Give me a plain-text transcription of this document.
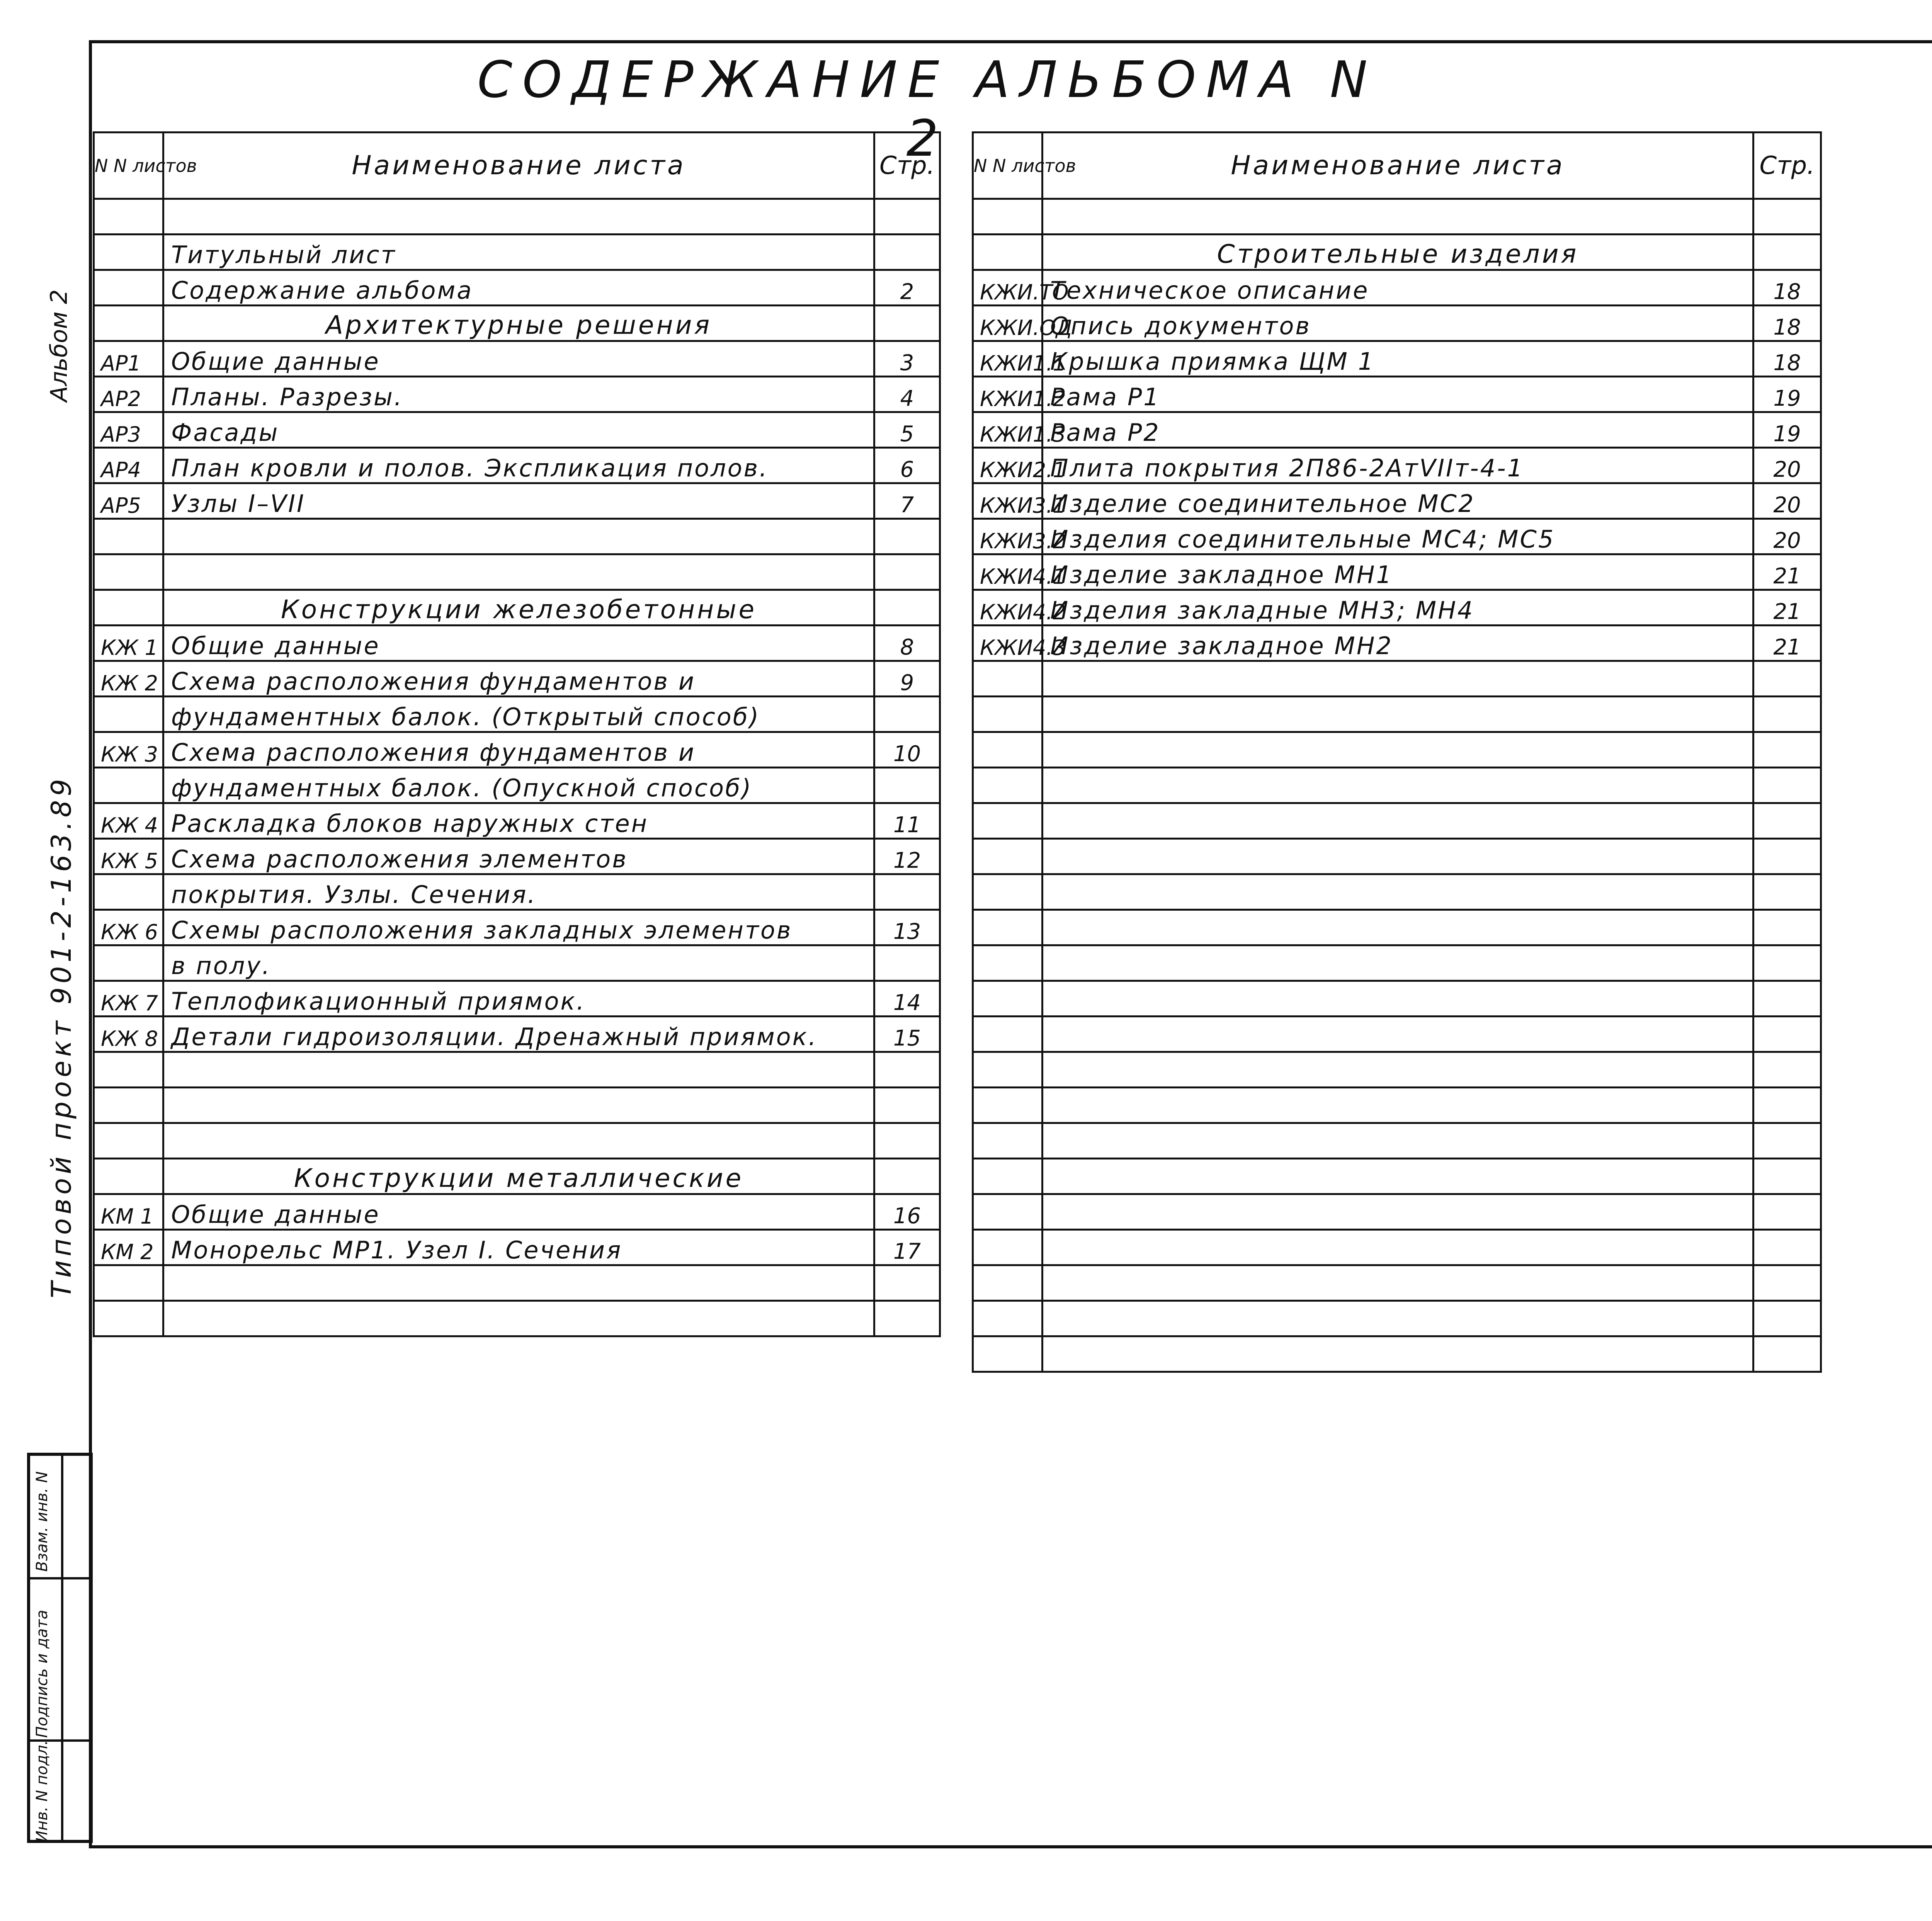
СОДЕРЖАНИЕ АЛЬБОМА N 2
Альбом 2
Типовой проект 901-2-163.89
Инв. N подл.
Подпись и дата
Взам. инв. N
N N листов	Наименование листа	Стр.

	Титульный лист	
	Содержание альбома	2
	Архитектурные решения	
АР1	Общие данные	3
АР2	Планы. Разрезы.	4
АР3	Фасады	5
АР4	План кровли и полов. Экспликация полов.	6
АР5	Узлы I–VII	7

	Конструкции железобетонные	
КЖ 1	Общие данные	8
КЖ 2	Схема расположения фундаментов и	9
	фундаментных балок. (Открытый способ)	
КЖ 3	Схема расположения фундаментов и	10
	фундаментных балок. (Опускной способ)	
КЖ 4	Раскладка блоков наружных стен	11
КЖ 5	Схема расположения элементов	12
	покрытия. Узлы. Сечения.	
КЖ 6	Схемы расположения закладных элементов	13
	в полу.	
КЖ 7	Теплофикационный приямок.	14
КЖ 8	Детали гидроизоляции. Дренажный приямок.	15

	Конструкции металлические	
КМ 1	Общие данные	16
КМ 2	Монорельс МР1. Узел I. Сечения	17

N N листов	Наименование листа	Стр.

	Строительные изделия	
КЖИ.ТО	Техническое описание	18
КЖИ.ОД	Опись документов	18
КЖИ1.1	Крышка приямка ЩМ 1	18
КЖИ1.2	Рама Р1	19
КЖИ1.3	Рама Р2	19
КЖИ2.1	Плита покрытия 2П86-2АтVIIт-4-1	20
КЖИ3.1	Изделие соединительное МС2	20
КЖИ3.2	Изделия соединительные МС4; МС5	20
КЖИ4.1	Изделие закладное МН1	21
КЖИ4.2	Изделия закладные МН3; МН4	21
КЖИ4.3	Изделие закладное МН2	21
